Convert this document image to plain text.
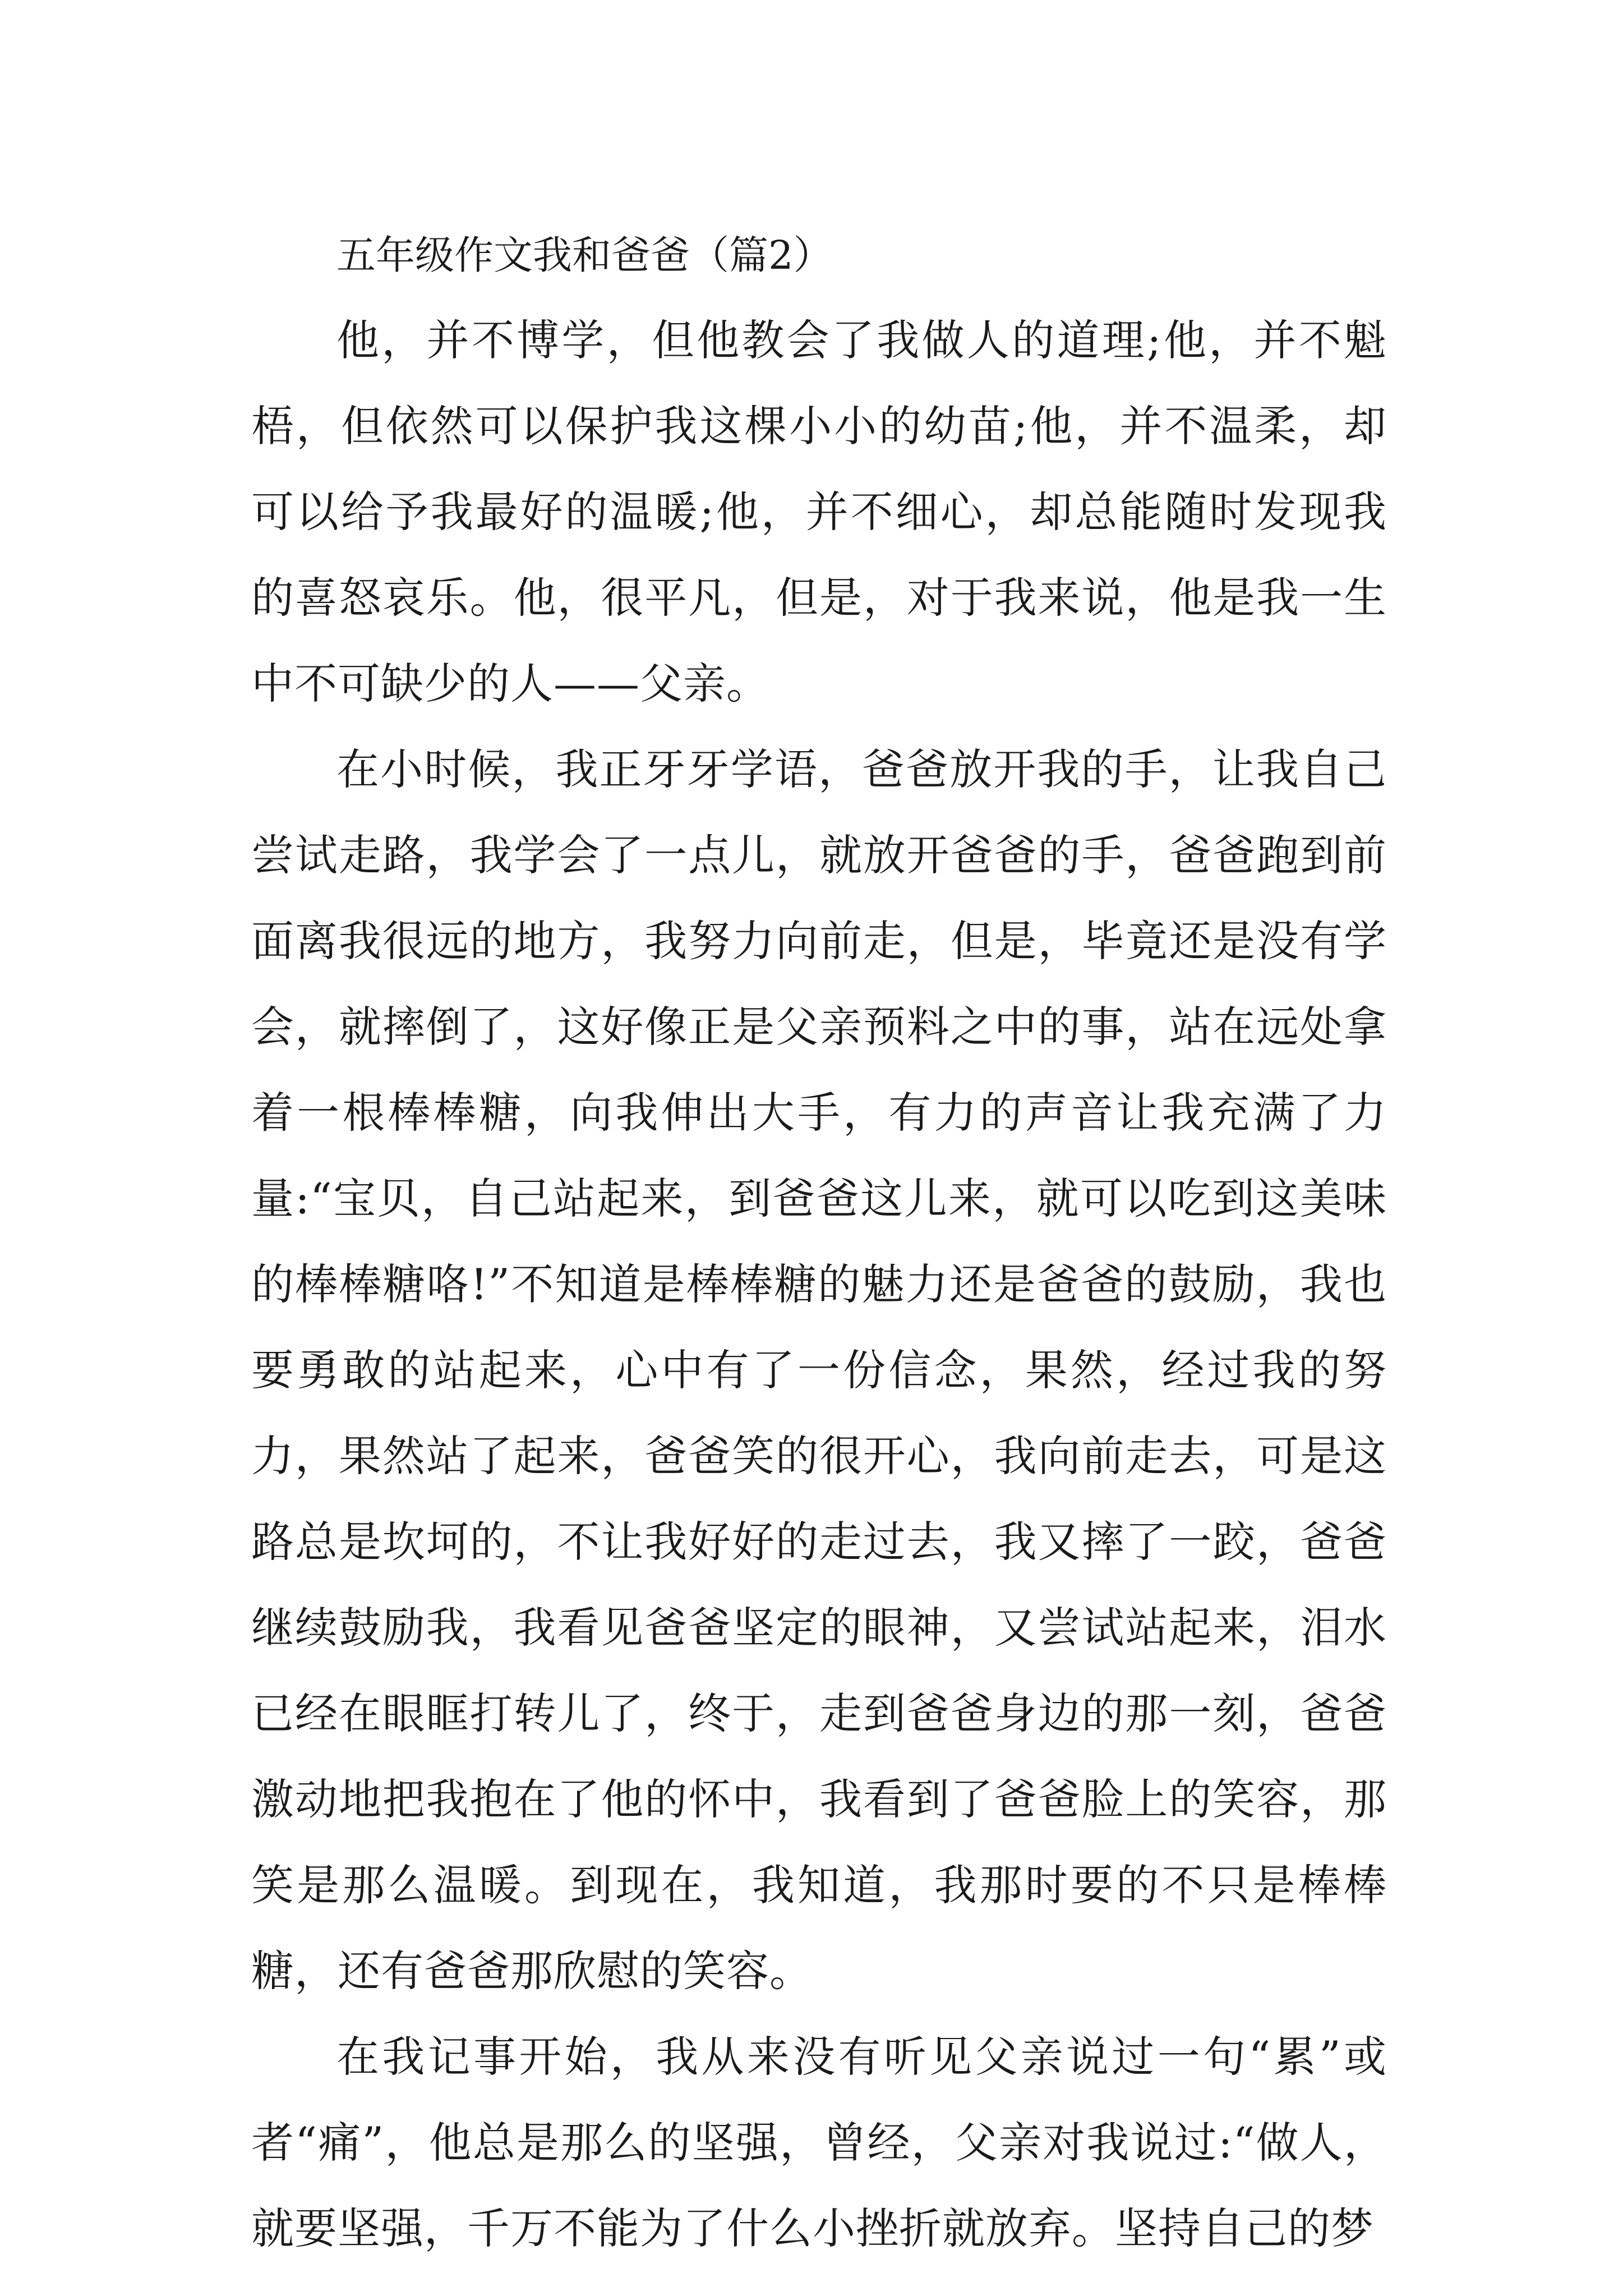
五年级作文我和爸爸（篇2）

他，并不博学，但他教会了我做人的道理;他，并不魁梧，但依然可以保护我这棵小小的幼苗;他，并不温柔，却可以给予我最好的温暖;他，并不细心，却总能随时发现我的喜怒哀乐。他，很平凡，但是，对于我来说，他是我一生中不可缺少的人——父亲。

在小时候，我正牙牙学语，爸爸放开我的手，让我自己尝试走路，我学会了一点儿，就放开爸爸的手，爸爸跑到前面离我很远的地方，我努力向前走，但是，毕竟还是没有学会，就摔倒了，这好像正是父亲预料之中的事，站在远处拿着一根棒棒糖，向我伸出大手，有力的声音让我充满了力量:“宝贝，自己站起来，到爸爸这儿来，就可以吃到这美味的棒棒糖咯!”不知道是棒棒糖的魅力还是爸爸的鼓励，我也要勇敢的站起来，心中有了一份信念，果然，经过我的努力，果然站了起来，爸爸笑的很开心，我向前走去，可是这路总是坎坷的，不让我好好的走过去，我又摔了一跤，爸爸继续鼓励我，我看见爸爸坚定的眼神，又尝试站起来，泪水已经在眼眶打转儿了，终于，走到爸爸身边的那一刻，爸爸激动地把我抱在了他的怀中，我看到了爸爸脸上的笑容，那笑是那么温暖。到现在，我知道，我那时要的不只是棒棒糖，还有爸爸那欣慰的笑容。

在我记事开始，我从来没有听见父亲说过一句“累”或者“痛”，他总是那么的坚强，曾经，父亲对我说过:“做人，就要坚强，千万不能为了什么小挫折就放弃。坚持自己的梦
